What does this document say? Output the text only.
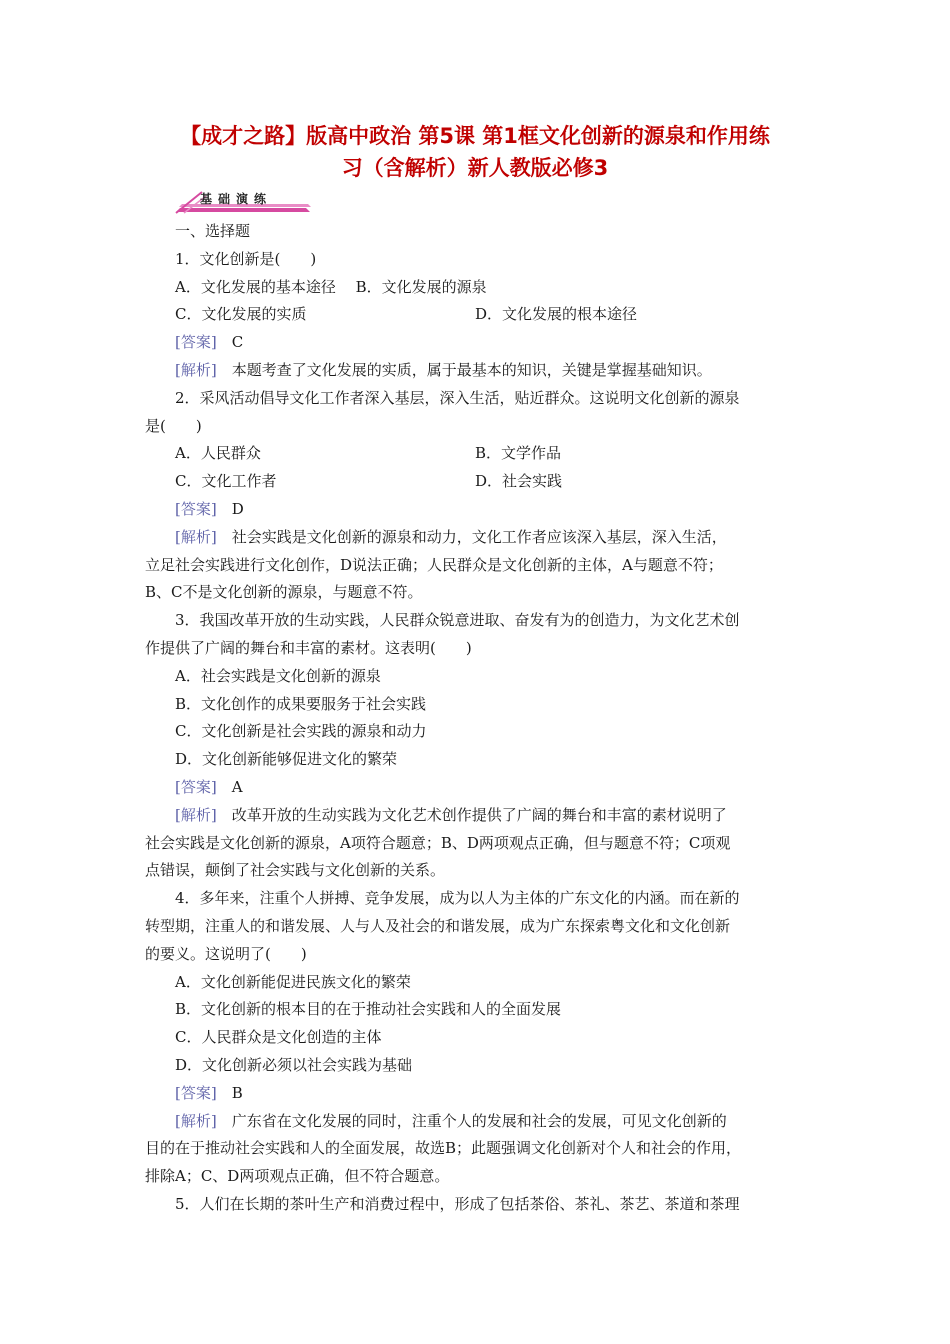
【成才之路】版高中政治 第5课 第1框文化创新的源泉和作用练
习（含解析）新人教版必修3
基础演练
一、选择题
1．文化创新是(　　)
A．文化发展的基本途径　 B．文化发展的源泉
C．文化发展的实质	D．文化发展的根本途径
[答案]　 C
[解析]　 本题考查了文化发展的实质，属于最基本的知识，关键是掌握基础知识。
2．采风活动倡导文化工作者深入基层，深入生活，贴近群众。这说明文化创新的源泉
是(　　)
A．人民群众	B．文学作品
C．文化工作者	D．社会实践
[答案]　 D
[解析]　 社会实践是文化创新的源泉和动力，文化工作者应该深入基层，深入生活，
立足社会实践进行文化创作，D说法正确；人民群众是文化创新的主体，A与题意不符；
B、C不是文化创新的源泉，与题意不符。
3．我国改革开放的生动实践，人民群众锐意进取、奋发有为的创造力，为文化艺术创
作提供了广阔的舞台和丰富的素材。这表明(　　)
A．社会实践是文化创新的源泉
B．文化创作的成果要服务于社会实践
C．文化创新是社会实践的源泉和动力
D．文化创新能够促进文化的繁荣
[答案]　 A
[解析]　 改革开放的生动实践为文化艺术创作提供了广阔的舞台和丰富的素材说明了
社会实践是文化创新的源泉，A项符合题意；B、D两项观点正确，但与题意不符；C项观
点错误，颠倒了社会实践与文化创新的关系。
4．多年来，注重个人拼搏、竞争发展，成为以人为主体的广东文化的内涵。而在新的
转型期，注重人的和谐发展、人与人及社会的和谐发展，成为广东探索粤文化和文化创新
的要义。这说明了(　　)
A．文化创新能促进民族文化的繁荣
B．文化创新的根本目的在于推动社会实践和人的全面发展
C．人民群众是文化创造的主体
D．文化创新必须以社会实践为基础
[答案]　 B
[解析]　 广东省在文化发展的同时，注重个人的发展和社会的发展，可见文化创新的
目的在于推动社会实践和人的全面发展，故选B；此题强调文化创新对个人和社会的作用，
排除A；C、D两项观点正确，但不符合题意。
5．人们在长期的茶叶生产和消费过程中，形成了包括茶俗、茶礼、茶艺、茶道和茶理
